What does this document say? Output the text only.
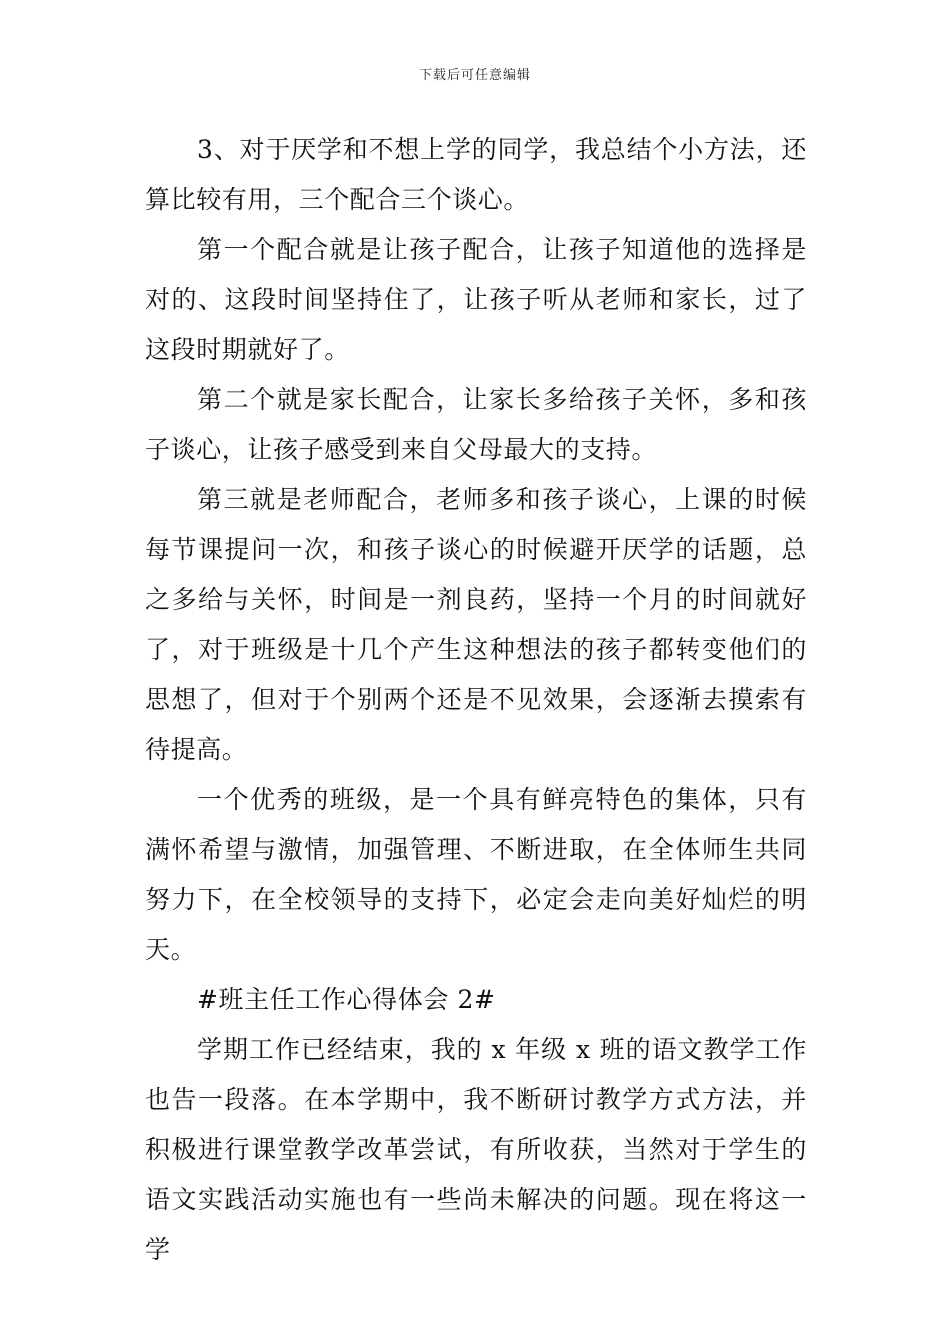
下载后可任意编辑

3、对于厌学和不想上学的同学，我总结个小方法，还算比较有用，三个配合三个谈心。

第一个配合就是让孩子配合，让孩子知道他的选择是对的、这段时间坚持住了，让孩子听从老师和家长，过了这段时期就好了。

第二个就是家长配合，让家长多给孩子关怀，多和孩子谈心，让孩子感受到来自父母最大的支持。

第三就是老师配合，老师多和孩子谈心，上课的时候每节课提问一次，和孩子谈心的时候避开厌学的话题，总之多给与关怀，时间是一剂良药，坚持一个月的时间就好了，对于班级是十几个产生这种想法的孩子都转变他们的思想了，但对于个别两个还是不见效果，会逐渐去摸索有待提高。

一个优秀的班级，是一个具有鲜亮特色的集体，只有满怀希望与激情，加强管理、不断进取，在全体师生共同努力下，在全校领导的支持下，必定会走向美好灿烂的明天。

#班主任工作心得体会 2#

学期工作已经结束，我的 x 年级 x 班的语文教学工作也告一段落。在本学期中，我不断研讨教学方式方法，并积极进行课堂教学改革尝试，有所收获，当然对于学生的语文实践活动实施也有一些尚未解决的问题。现在将这一学
